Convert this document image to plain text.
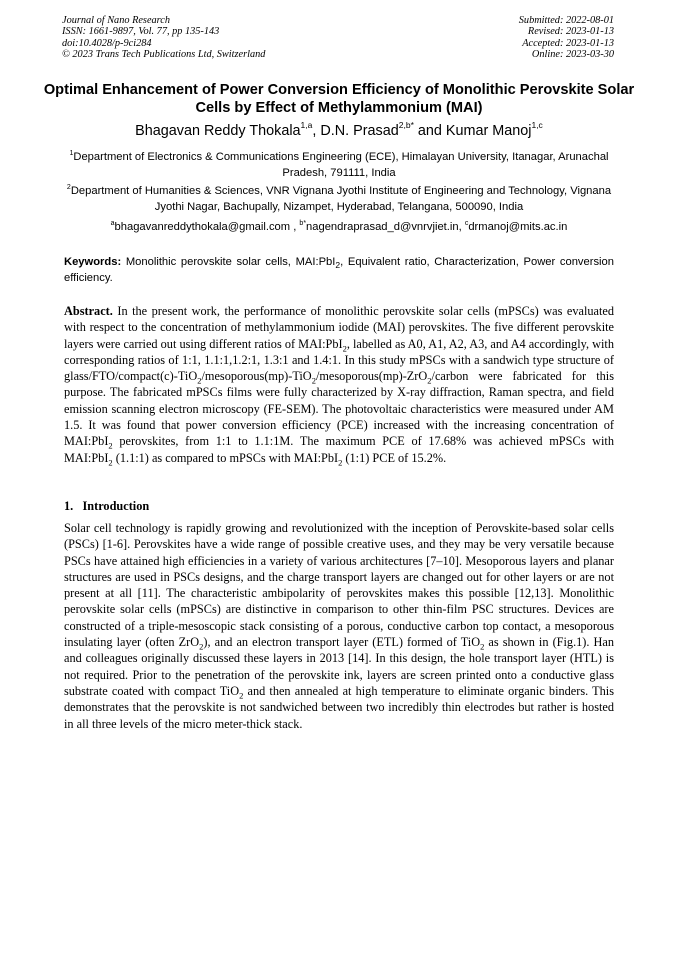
Journal of Nano Research
ISSN: 1661-9897, Vol. 77, pp 135-143
doi:10.4028/p-9ci284
© 2023 Trans Tech Publications Ltd, Switzerland
Submitted: 2022-08-01
Revised: 2023-01-13
Accepted: 2023-01-13
Online: 2023-03-30
Optimal Enhancement of Power Conversion Efficiency of Monolithic Perovskite Solar Cells by Effect of Methylammonium (MAI)
Bhagavan Reddy Thokala$^{1,a}$, D.N. Prasad$^{2,b*}$ and Kumar Manoj$^{1,c}$
$^1$Department of Electronics & Communications Engineering (ECE), Himalayan University, Itanagar, Arunachal Pradesh, 791111, India
$^2$Department of Humanities & Sciences, VNR Vignana Jyothi Institute of Engineering and Technology, Vignana Jyothi Nagar, Bachupally, Nizampet, Hyderabad, Telangana, 500090, India
$^a$bhagavanreddythokala@gmail.com , $^{b*}$nagendraprasad_d@vnrvjiet.in, $^c$drmanoj@mits.ac.in
Keywords: Monolithic perovskite solar cells, MAI:PbI$_2$, Equivalent ratio, Characterization, Power conversion efficiency.
Abstract. In the present work, the performance of monolithic perovskite solar cells (mPSCs) was evaluated with respect to the concentration of methylammonium iodide (MAI) perovskites. The five different perovskite layers were carried out using different ratios of MAI:PbI$_2$, labelled as A0, A1, A2, A3, and A4 accordingly, with corresponding ratios of 1:1, 1.1:1,1.2:1, 1.3:1 and 1.4:1. In this study mPSCs with a sandwich type structure of glass/FTO/compact(c)-TiO$_2$/mesoporous(mp)-TiO$_2$/mesoporous(mp)-ZrO$_2$/carbon were fabricated for this purpose. The fabricated mPSCs films were fully characterized by X-ray diffraction, Raman spectra, and field emission scanning electron microscopy (FE-SEM). The photovoltaic characteristics were measured under AM 1.5. It was found that power conversion efficiency (PCE) increased with the increasing concentration of MAI:PbI$_2$ perovskites, from 1:1 to 1.1:1M. The maximum PCE of 17.68% was achieved mPSCs with MAI:PbI$_2$ (1.1:1) as compared to mPSCs with MAI:PbI$_2$ (1:1) PCE of 15.2%.
1. Introduction
Solar cell technology is rapidly growing and revolutionized with the inception of Perovskite-based solar cells (PSCs) [1-6]. Perovskites have a wide range of possible creative uses, and they may be very versatile because PSCs have attained high efficiencies in a variety of various architectures [7–10]. Mesoporous layers and planar structures are used in PSCs designs, and the charge transport layers are changed out for other layers or are not present at all [11]. The characteristic ambipolarity of perovskites makes this possible [12,13]. Monolithic perovskite solar cells (mPSCs) are distinctive in comparison to other thin-film PSC structures. Devices are constructed of a triple-mesoscopic stack consisting of a porous, conductive carbon top contact, a mesoporous insulating layer (often ZrO$_2$), and an electron transport layer (ETL) formed of TiO$_2$ as shown in (Fig.1). Han and colleagues originally discussed these layers in 2013 [14]. In this design, the hole transport layer (HTL) is not required. Prior to the penetration of the perovskite ink, layers are screen printed onto a conductive glass substrate coated with compact TiO$_2$ and then annealed at high temperature to eliminate organic binders. This demonstrates that the perovskite is not sandwiched between two incredibly thin electrodes but rather is hosted in all three levels of the micro meter-thick stack.
